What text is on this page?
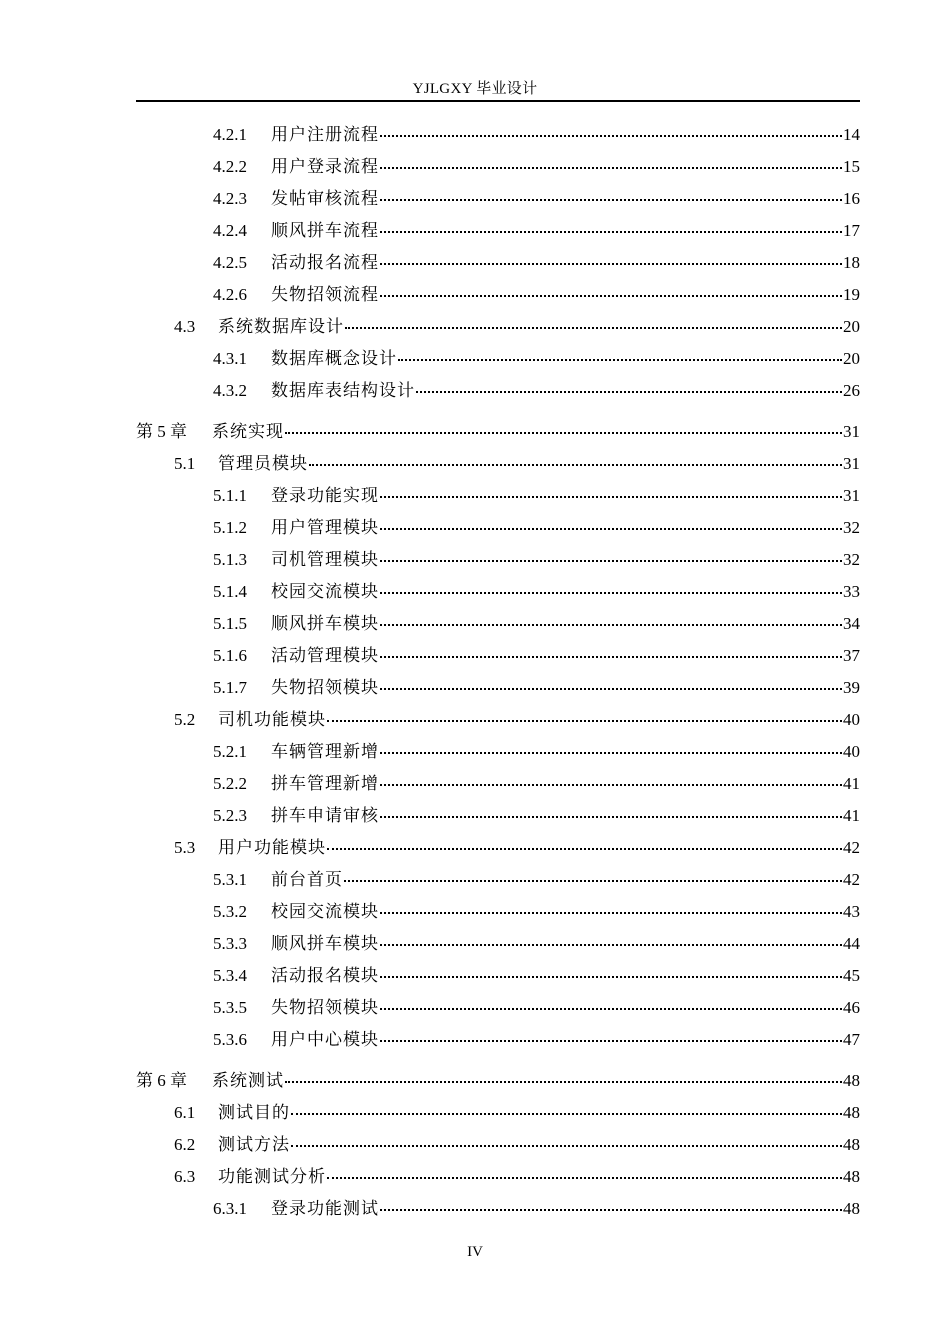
YJLGXY 毕业设计
4.2.1	用户注册流程	14
4.2.2	用户登录流程	15
4.2.3	发帖审核流程	16
4.2.4	顺风拼车流程	17
4.2.5	活动报名流程	18
4.2.6	失物招领流程	19
4.3	系统数据库设计	20
4.3.1	数据库概念设计	20
4.3.2	数据库表结构设计	26
第 5 章	系统实现	31
5.1	管理员模块	31
5.1.1	登录功能实现	31
5.1.2	用户管理模块	32
5.1.3	司机管理模块	32
5.1.4	校园交流模块	33
5.1.5	顺风拼车模块	34
5.1.6	活动管理模块	37
5.1.7	失物招领模块	39
5.2	司机功能模块	40
5.2.1	车辆管理新增	40
5.2.2	拼车管理新增	41
5.2.3	拼车申请审核	41
5.3	用户功能模块	42
5.3.1	前台首页	42
5.3.2	校园交流模块	43
5.3.3	顺风拼车模块	44
5.3.4	活动报名模块	45
5.3.5	失物招领模块	46
5.3.6	用户中心模块	47
第 6 章	系统测试	48
6.1	测试目的	48
6.2	测试方法	48
6.3	功能测试分析	48
6.3.1	登录功能测试	48
IV
